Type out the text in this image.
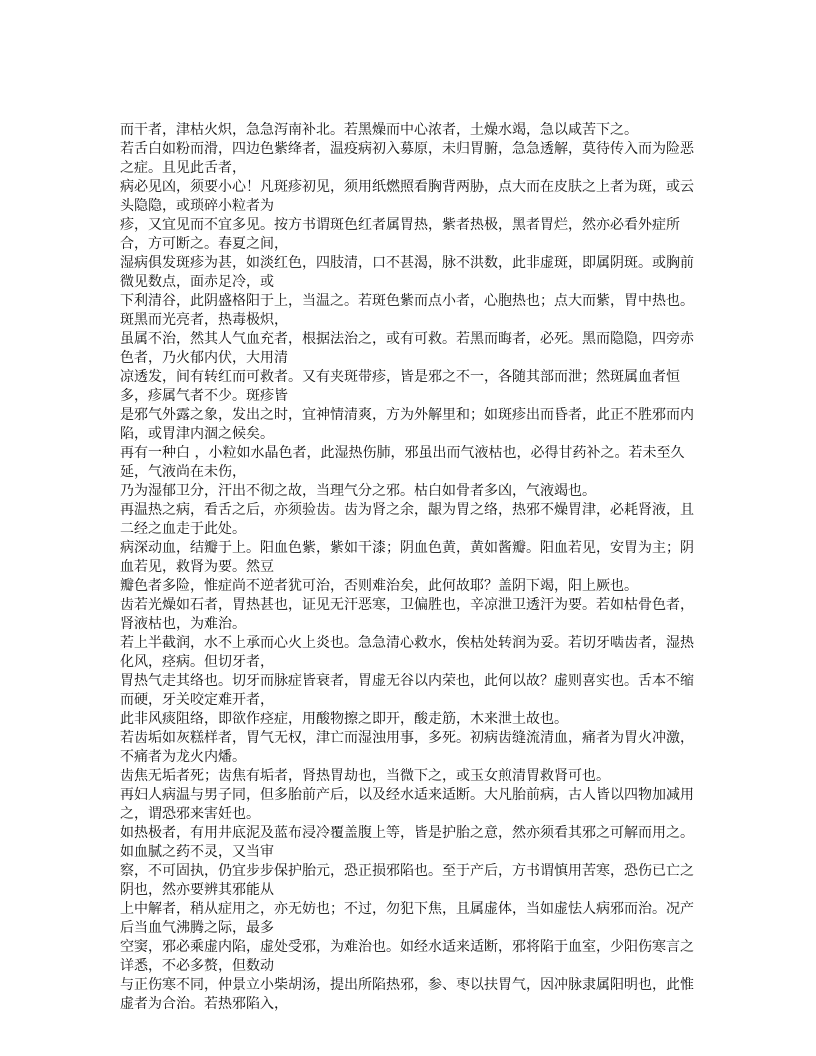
而干者，津枯火炽，急急泻南补北。若黑燥而中心浓者，土燥水竭，急以咸苦下之。

若舌白如粉而滑，四边色紫绛者，温疫病初入募原，未归胃腑，急急透解，莫待传入而为险恶之症。且见此舌者，

病必见凶，须要小心！凡斑疹初见，须用纸燃照看胸背两胁，点大而在皮肤之上者为斑，或云头隐隐，或琐碎小粒者为

疹，又宜见而不宜多见。按方书谓斑色红者属胃热，紫者热极，黑者胃烂，然亦必看外症所合，方可断之。春夏之间，

湿病俱发斑疹为甚，如淡红色，四肢清，口不甚渴，脉不洪数，此非虚斑，即属阴斑。或胸前微见数点，面赤足冷，或

下利清谷，此阴盛格阳于上，当温之。若斑色紫而点小者，心胞热也；点大而紫，胃中热也。斑黑而光亮者，热毒极炽，

虽属不治，然其人气血充者，根据法治之，或有可救。若黑而晦者，必死。黑而隐隐，四旁赤色者，乃火郁内伏，大用清

凉透发，间有转红而可救者。又有夹斑带疹，皆是邪之不一，各随其部而泄；然斑属血者恒多，疹属气者不少。斑疹皆

是邪气外露之象，发出之时，宜神情清爽，方为外解里和；如斑疹出而昏者，此正不胜邪而内陷，或胃津内涸之候矣。

再有一种白 ，小粒如水晶色者，此湿热伤肺，邪虽出而气液枯也，必得甘药补之。若未至久延，气液尚在未伤，

乃为湿郁卫分，汗出不彻之故，当理气分之邪。枯白如骨者多凶，气液竭也。

再温热之病，看舌之后，亦须验齿。齿为肾之余，龈为胃之络，热邪不燥胃津，必耗肾液，且二经之血走于此处。

病深动血，结瓣于上。阳血色紫，紫如干漆；阴血色黄，黄如酱瓣。阳血若见，安胃为主；阴血若见，救肾为要。然豆

瓣色者多险，惟症尚不逆者犹可治，否则难治矣，此何故耶？盖阴下竭，阳上厥也。

齿若光燥如石者，胃热甚也，证见无汗恶寒，卫偏胜也，辛凉泄卫透汗为要。若如枯骨色者，肾液枯也，为难治。

若上半截润，水不上承而心火上炎也。急急清心救水，俟枯处转润为妥。若切牙啮齿者，湿热化风，痉病。但切牙者，

胃热气走其络也。切牙而脉症皆衰者，胃虚无谷以内荣也，此何以故？虚则喜实也。舌本不缩而硬，牙关咬定难开者，

此非风痰阻络，即欲作痉症，用酸物擦之即开，酸走筋，木来泄土故也。

若齿垢如灰糕样者，胃气无权，津亡而湿浊用事，多死。初病齿缝流清血，痛者为胃火冲激，不痛者为龙火内燔。

齿焦无垢者死；齿焦有垢者，肾热胃劫也，当微下之，或玉女煎清胃救肾可也。

再妇人病温与男子同，但多胎前产后，以及经水适来适断。大凡胎前病，古人皆以四物加减用之，谓恐邪来害妊也。

如热极者，有用井底泥及蓝布浸冷覆盖腹上等，皆是护胎之意，然亦须看其邪之可解而用之。如血腻之药不灵，又当审

察，不可固执，仍宜步步保护胎元，恐正损邪陷也。至于产后，方书谓慎用苦寒，恐伤已亡之阴也，然亦要辨其邪能从

上中解者，稍从症用之，亦无妨也；不过，勿犯下焦，且属虚体，当如虚怯人病邪而治。况产后当血气沸腾之际，最多

空窦，邪必乘虚内陷，虚处受邪，为难治也。如经水适来适断，邪将陷于血室，少阳伤寒言之详悉，不必多赘，但数动

与正伤寒不同，仲景立小柴胡汤，提出所陷热邪，参、枣以扶胃气，因冲脉隶属阳明也，此惟虚者为合治。若热邪陷入，
